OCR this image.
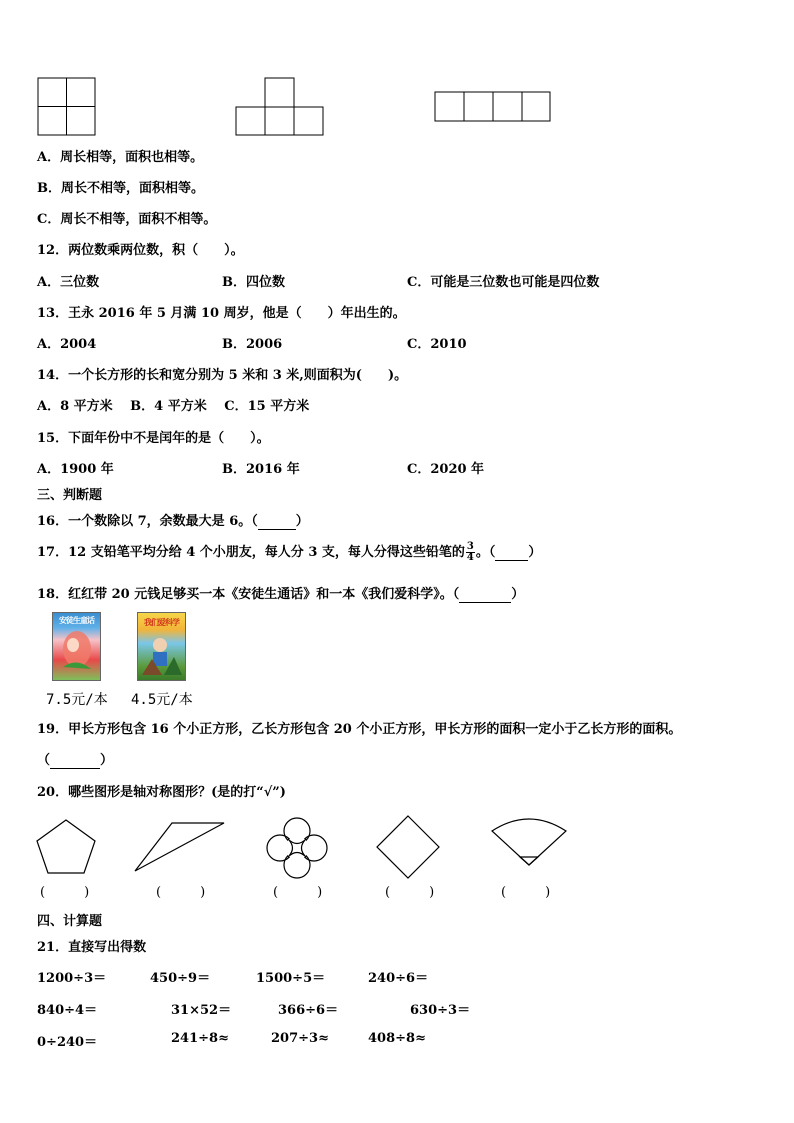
A．周长相等，面积也相等。
B．周长不相等，面积相等。
C．周长不相等，面积不相等。
12．两位数乘两位数，积（　　）。
A．三位数	B．四位数	C．可能是三位数也可能是四位数
13．王永 2016 年 5 月满 10 周岁，他是（　　）年出生的。
A．2004	B．2006	C．2010
14．一个长方形的长和宽分别为 5 米和 3 米,则面积为(　　)。
A．8 平方米　 B．4 平方米　 C．15 平方米
15．下面年份中不是闰年的是（　　）。
A．1900 年	B．2016 年	C．2020 年
三、判断题
16．一个数除以 7，余数最大是 6。（	）
17．12 支铅笔平均分给 4 个小朋友，每人分 3 支，每人分得这些铅笔的 $\frac{3}{4}$ 。（	）
18．红红带 20 元钱足够买一本《安徒生通话》和一本《我们爱科学》。（	）
安徒生童话	我们爱科学
7.5元/本 4.5元/本
19．甲长方形包含 16 个小正方形，乙长方形包含 20 个小正方形，甲长方形的面积一定小于乙长方形的面积。
（	）
20．哪些图形是轴对称图形？(是的打“√”)
(　　　)	(　　　)	(　　　)	(　　　)	(　　　)
四、计算题
21．直接写出得数
1200÷3＝	450÷9＝	1500÷5＝	240÷6＝
840÷4＝	31×52＝	366÷6＝	630÷3＝
0÷240＝	241÷8≈	207÷3≈	408÷8≈
